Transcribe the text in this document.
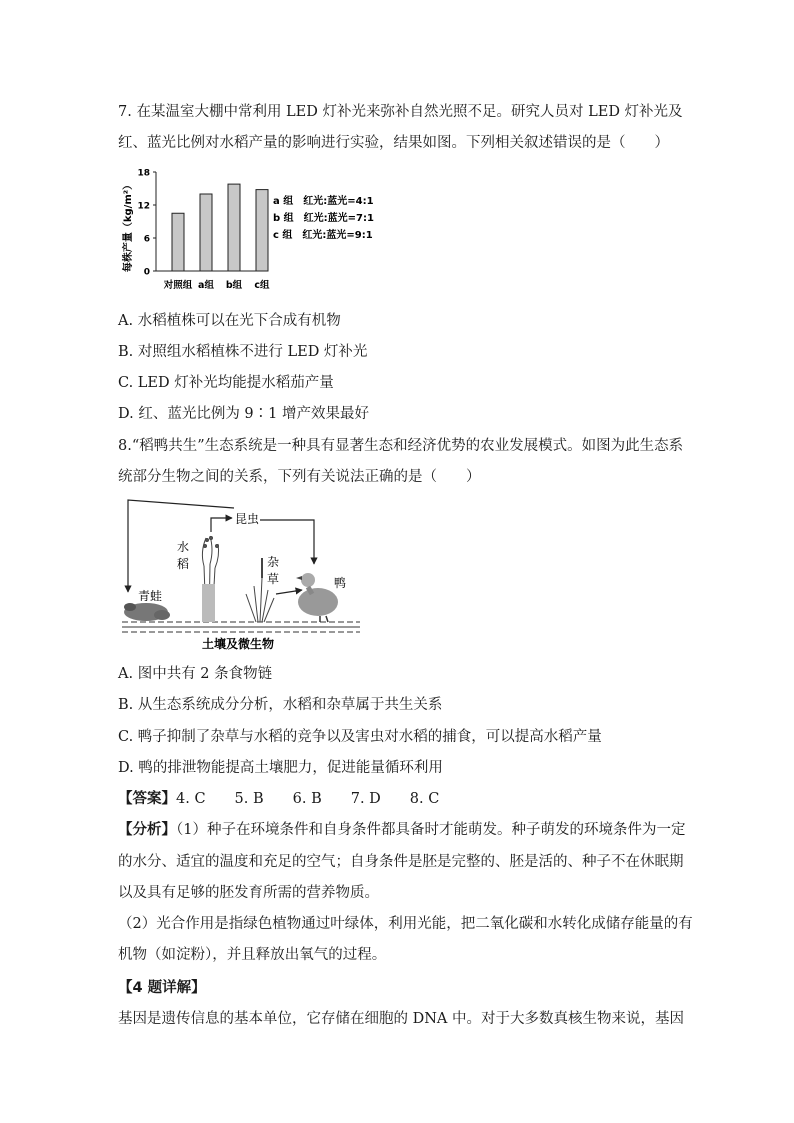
7. 在某温室大棚中常利用 LED 灯补光来弥补自然光照不足。研究人员对 LED 灯补光及
红、蓝光比例对水稻产量的影响进行实验，结果如图。下列相关叙述错误的是（　　）
每株产量（kg/m²）
0
6
12
18
对照组 a组 b组 c组
a 组　红光:蓝光=4:1
b 组　红光:蓝光=7:1
c 组　红光:蓝光=9:1
A. 水稻植株可以在光下合成有机物
B. 对照组水稻植株不进行 LED 灯补光
C. LED 灯补光均能提水稻茄产量
D. 红、蓝光比例为 9∶1 增产效果最好
8.“稻鸭共生”生态系统是一种具有显著生态和经济优势的农业发展模式。如图为此生态系
统部分生物之间的关系，下列有关说法正确的是（　　）
昆虫
水
稻	杂
草
青蛙
鸭
土壤及微生物
A. 图中共有 2 条食物链
B. 从生态系统成分分析，水稻和杂草属于共生关系
C. 鸭子抑制了杂草与水稻的竞争以及害虫对水稻的捕食，可以提高水稻产量
D. 鸭的排泄物能提高土壤肥力，促进能量循环利用
【答案】4. C　　5. B　　6. B　　7. D　　8. C
【分析】（1）种子在环境条件和自身条件都具备时才能萌发。种子萌发的环境条件为一定
的水分、适宜的温度和充足的空气；自身条件是胚是完整的、胚是活的、种子不在休眠期
以及具有足够的胚发育所需的营养物质。
（2）光合作用是指绿色植物通过叶绿体，利用光能，把二氧化碳和水转化成储存能量的有
机物（如淀粉），并且释放出氧气的过程。
【4 题详解】
基因是遗传信息的基本单位，它存储在细胞的 DNA 中。对于大多数真核生物来说，基因
